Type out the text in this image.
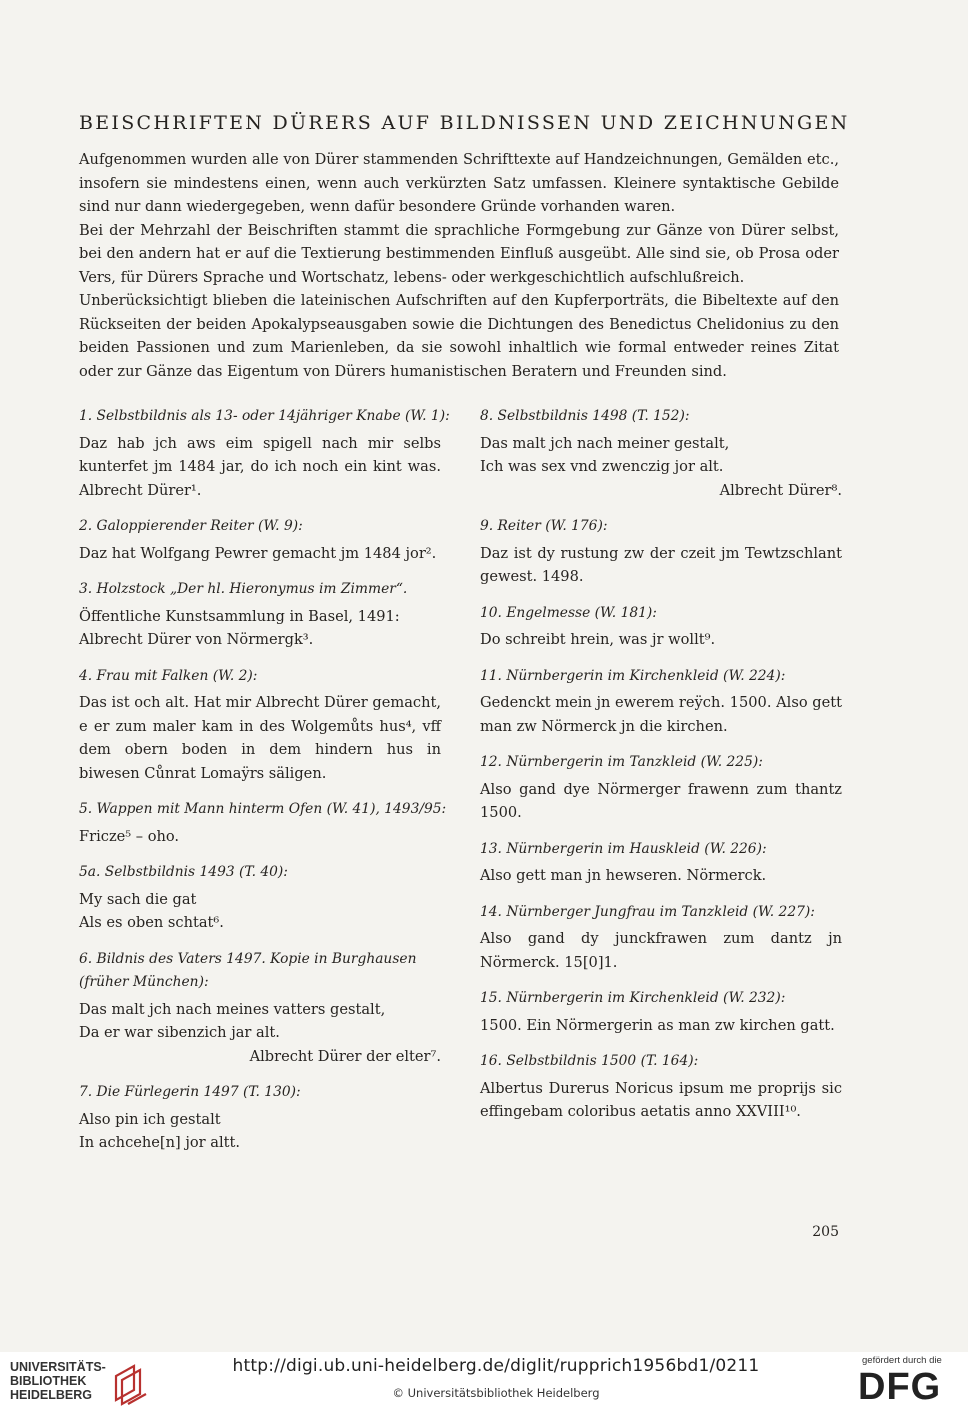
BEISCHRIFTEN DÜRERS AUF BILDNISSEN UND ZEICHNUNGEN

Aufgenommen wurden alle von Dürer stammenden Schrifttexte auf Handzeichnungen, Gemälden etc., insofern sie mindestens einen, wenn auch verkürzten Satz umfassen. Kleinere syntaktische Gebilde sind nur dann wiedergegeben, wenn dafür besondere Gründe vorhanden waren.

Bei der Mehrzahl der Beischriften stammt die sprachliche Formgebung zur Gänze von Dürer selbst, bei den andern hat er auf die Textierung bestimmenden Einfluß ausgeübt. Alle sind sie, ob Prosa oder Vers, für Dürers Sprache und Wortschatz, lebens- oder werkgeschichtlich aufschlußreich.

Unberücksichtigt blieben die lateinischen Aufschriften auf den Kupferporträts, die Bibeltexte auf den Rückseiten der beiden Apokalypseausgaben sowie die Dichtungen des Benedictus Chelidonius zu den beiden Passionen und zum Marienleben, da sie sowohl inhaltlich wie formal entweder reines Zitat oder zur Gänze das Eigentum von Dürers humanistischen Beratern und Freunden sind.

1. Selbstbildnis als 13- oder 14jähriger Knabe (W. 1):
Daz hab jch aws eim spigell nach mir selbs kunterfet jm 1484 jar, do ich noch ein kint was. Albrecht Dürer¹.
2. Galoppierender Reiter (W. 9):
Daz hat Wolfgang Pewrer gemacht jm 1484 jor².
3. Holzstock „Der hl. Hieronymus im Zimmer“.
Öffentliche Kunstsammlung in Basel, 1491:
Albrecht Dürer von Nörmergk³.
4. Frau mit Falken (W. 2):
Das ist och alt. Hat mir Albrecht Dürer gemacht, e er zum maler kam in des Wolgemůts hus⁴, vff dem obern boden in dem hindern hus in biwesen Cůnrat Lomaÿrs säligen.
5. Wappen mit Mann hinterm Ofen (W. 41), 1493/95:
Fricze⁵ – oho.
5a. Selbstbildnis 1493 (T. 40):
My sach die gat
Als es oben schtat⁶.
6. Bildnis des Vaters 1497. Kopie in Burghausen (früher München):
Das malt jch nach meines vatters gestalt,
Da er war sibenzich jar alt.
Albrecht Dürer der elter⁷.
7. Die Fürlegerin 1497 (T. 130):
Also pin ich gestalt
In achcehe[n] jor altt.
8. Selbstbildnis 1498 (T. 152):
Das malt jch nach meiner gestalt,
Ich was sex vnd zwenczig jor alt.
Albrecht Dürer⁸.
9. Reiter (W. 176):
Daz ist dy rustung zw der czeit jm Tewtzschlant gewest. 1498.
10. Engelmesse (W. 181):
Do schreibt hrein, was jr wollt⁹.
11. Nürnbergerin im Kirchenkleid (W. 224):
Gedenckt mein jn ewerem reÿch. 1500. Also gett man zw Nörmerck jn die kirchen.
12. Nürnbergerin im Tanzkleid (W. 225):
Also gand dye Nörmerger frawenn zum thantz 1500.
13. Nürnbergerin im Hauskleid (W. 226):
Also gett man jn hewseren. Nörmerck.
14. Nürnberger Jungfrau im Tanzkleid (W. 227):
Also gand dy junckfrawen zum dantz jn Nörmerck. 15[0]1.
15. Nürnbergerin im Kirchenkleid (W. 232):
1500. Ein Nörmergerin as man zw kirchen gatt.
16. Selbstbildnis 1500 (T. 164):
Albertus Durerus Noricus ipsum me proprijs sic effingebam coloribus aetatis anno XXVIII¹⁰.
205
UNIVERSITÄTS-
BIBLIOTHEK
HEIDELBERG
http://digi.ub.uni-heidelberg.de/diglit/rupprich1956bd1/0211
© Universitätsbibliothek Heidelberg
gefördert durch die
DFG
